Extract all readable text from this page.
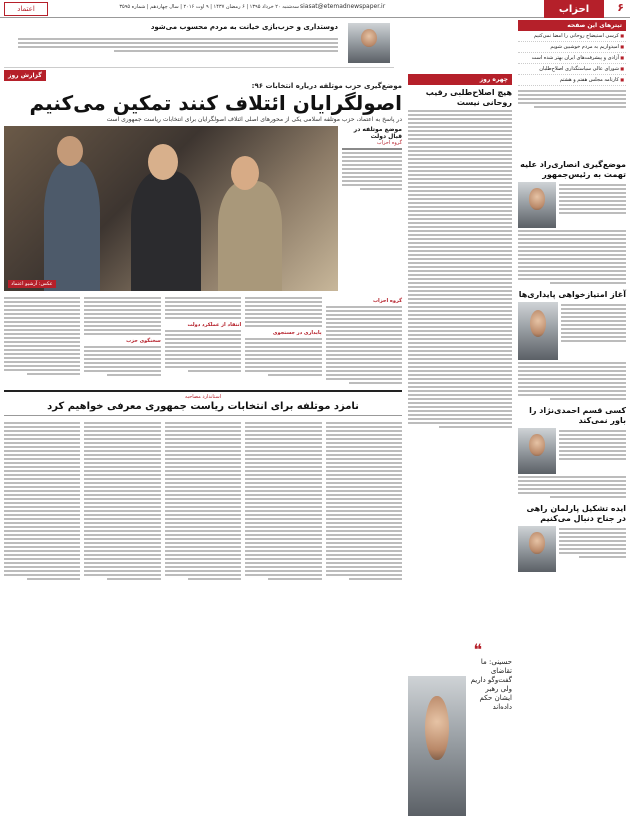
۶
احزاب
siasat@etemadnewspaper.ir
سه‌شنبه ۲۰ خرداد ۱۳۹۵ | ۶ رمضان ۱۴۳۷ | ۹ اوت ۲۰۱۶ | سال چهاردهم | شماره ۳۵۹۵
اعتماد
دوستداری و حزب‌بازی خیانت به مردم محسوب می‌شود	تیترهای این صفحه
■ کرسی استیضاح روحانی را امضا نمی‌کنیم
■ امیدواریم به مردم خوشبین شویم
■ آزادی و پیشرفت‌های ایران بهتر شده است
■ شورای عالی سیاستگذاری اصلاح‌طلبان
■ کارنامه مجلس هفتم و هشتم
موضع‌گیری انصاری‌راد علیه تهمت به رئیس‌جمهور
آغاز امتیازخواهی پایداری‌ها
کسی قسم احمدی‌نژاد را باور نمی‌کند
ایده تشکیل پارلمان راهی در جناح دنبال می‌کنیم
چهره روز
هیچ اصلاح‌طلبی رقیب روحانی نیست
❝
حسینی: ما تقاضای گفت‌وگو داریم ولی رهبر ایشان حکم داده‌اند
گزارش روز
موضع‌گیری حزب موتلفه درباره انتخابات ۹۶:
اصولگرایان ائتلاف کنند تمکین می‌کنیم
در پاسخ به اعتماد، حزب موتلفه اسلامی یکی از محورهای اصلی ائتلاف اصولگرایان برای انتخابات ریاست جمهوری است
موضع موتلفه در قبال دولت
گروه احزاب
عکس: آرشیو اعتماد
گروه احزاب
پایداری در جستجوی
انتقاد از عملکرد دولت
سخنگوی حزب
استاندارد مصاحبه
نامزد موتلفه برای انتخابات ریاست جمهوری معرفی خواهیم کرد
